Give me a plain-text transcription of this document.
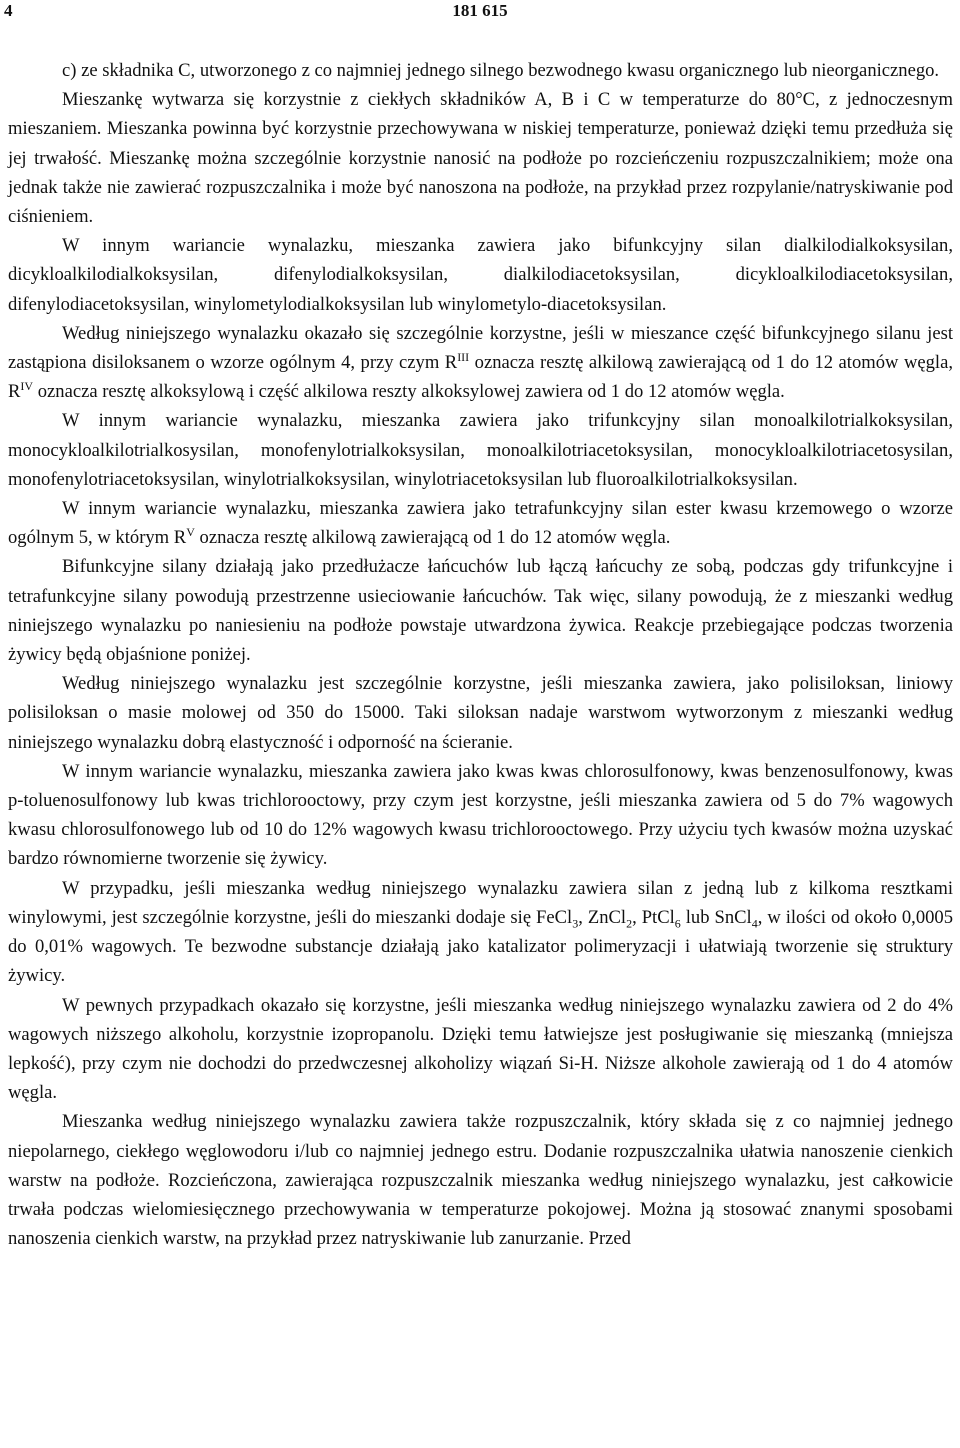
4	181 615

c) ze składnika C, utworzonego z co najmniej jednego silnego bezwodnego kwasu organicznego lub nieorganicznego.

Mieszankę wytwarza się korzystnie z ciekłych składników A, B i C w temperaturze do 80°C, z jednoczesnym mieszaniem. Mieszanka powinna być korzystnie przechowywana w niskiej temperaturze, ponieważ dzięki temu przedłuża się jej trwałość. Mieszankę można szczególnie korzystnie nanosić na podłoże po rozcieńczeniu rozpuszczalnikiem; może ona jednak także nie zawierać rozpuszczalnika i może być nanoszona na podłoże, na przykład przez rozpylanie/natryskiwanie pod ciśnieniem.

W innym wariancie wynalazku, mieszanka zawiera jako bifunkcyjny silan dialkilodialkoksysilan, dicykloalkilodialkoksysilan, difenylodialkoksysilan, dialkilodiacetoksysilan, dicykloalkilodiacetoksysilan, difenylodiacetoksysilan, winylometylodialkoksysilan lub winylometylo-diacetoksysilan.

Według niniejszego wynalazku okazało się szczególnie korzystne, jeśli w mieszance część bifunkcyjnego silanu jest zastąpiona disiloksanem o wzorze ogólnym 4, przy czym $R^{III}$ oznacza resztę alkilową zawierającą od 1 do 12 atomów węgla, $R^{IV}$ oznacza resztę alkoksylową i część alkilowa reszty alkoksylowej zawiera od 1 do 12 atomów węgla.

W innym wariancie wynalazku, mieszanka zawiera jako trifunkcyjny silan monoalkilotrialkoksysilan, monocykloalkilotrialkosysilan, monofenylotrialkoksysilan, monoalkilotriacetoksysilan, monocykloalkilotriacetosysilan, monofenylotriacetoksysilan, winylotrialkoksysilan, winylotriacetoksysilan lub fluoroalkilotrialkoksysilan.

W innym wariancie wynalazku, mieszanka zawiera jako tetrafunkcyjny silan ester kwasu krzemowego o wzorze ogólnym 5, w którym $R^V$ oznacza resztę alkilową zawierającą od 1 do 12 atomów węgla.

Bifunkcyjne silany działają jako przedłużacze łańcuchów lub łączą łańcuchy ze sobą, podczas gdy trifunkcyjne i tetrafunkcyjne silany powodują przestrzenne usieciowanie łańcuchów. Tak więc, silany powodują, że z mieszanki według niniejszego wynalazku po naniesieniu na podłoże powstaje utwardzona żywica. Reakcje przebiegające podczas tworzenia żywicy będą objaśnione poniżej.

Według niniejszego wynalazku jest szczególnie korzystne, jeśli mieszanka zawiera, jako polisiloksan, liniowy polisiloksan o masie molowej od 350 do 15000. Taki siloksan nadaje warstwom wytworzonym z mieszanki według niniejszego wynalazku dobrą elastyczność i odporność na ścieranie.

W innym wariancie wynalazku, mieszanka zawiera jako kwas kwas chlorosulfonowy, kwas benzenosulfonowy, kwas p-toluenosulfonowy lub kwas trichlorooctowy, przy czym jest korzystne, jeśli mieszanka zawiera od 5 do 7% wagowych kwasu chlorosulfonowego lub od 10 do 12% wagowych kwasu trichlorooctowego. Przy użyciu tych kwasów można uzyskać bardzo równomierne tworzenie się żywicy.

W przypadku, jeśli mieszanka według niniejszego wynalazku zawiera silan z jedną lub z kilkoma resztkami winylowymi, jest szczególnie korzystne, jeśli do mieszanki dodaje się FeCl$_3$, ZnCl$_2$, PtCl$_6$ lub SnCl$_4$, w ilości od około 0,0005 do 0,01% wagowych. Te bezwodne substancje działają jako katalizator polimeryzacji i ułatwiają tworzenie się struktury żywicy.

W pewnych przypadkach okazało się korzystne, jeśli mieszanka według niniejszego wynalazku zawiera od 2 do 4% wagowych niższego alkoholu, korzystnie izopropanolu. Dzięki temu łatwiejsze jest posługiwanie się mieszanką (mniejsza lepkość), przy czym nie dochodzi do przedwczesnej alkoholizy wiązań Si-H. Niższe alkohole zawierają od 1 do 4 atomów węgla.

Mieszanka według niniejszego wynalazku zawiera także rozpuszczalnik, który składa się z co najmniej jednego niepolarnego, ciekłego węglowodoru i/lub co najmniej jednego estru. Dodanie rozpuszczalnika ułatwia nanoszenie cienkich warstw na podłoże. Rozcieńczona, zawierająca rozpuszczalnik mieszanka według niniejszego wynalazku, jest całkowicie trwała podczas wielomiesięcznego przechowywania w temperaturze pokojowej. Można ją stosować znanymi sposobami nanoszenia cienkich warstw, na przykład przez natryskiwanie lub zanurzanie. Przed
